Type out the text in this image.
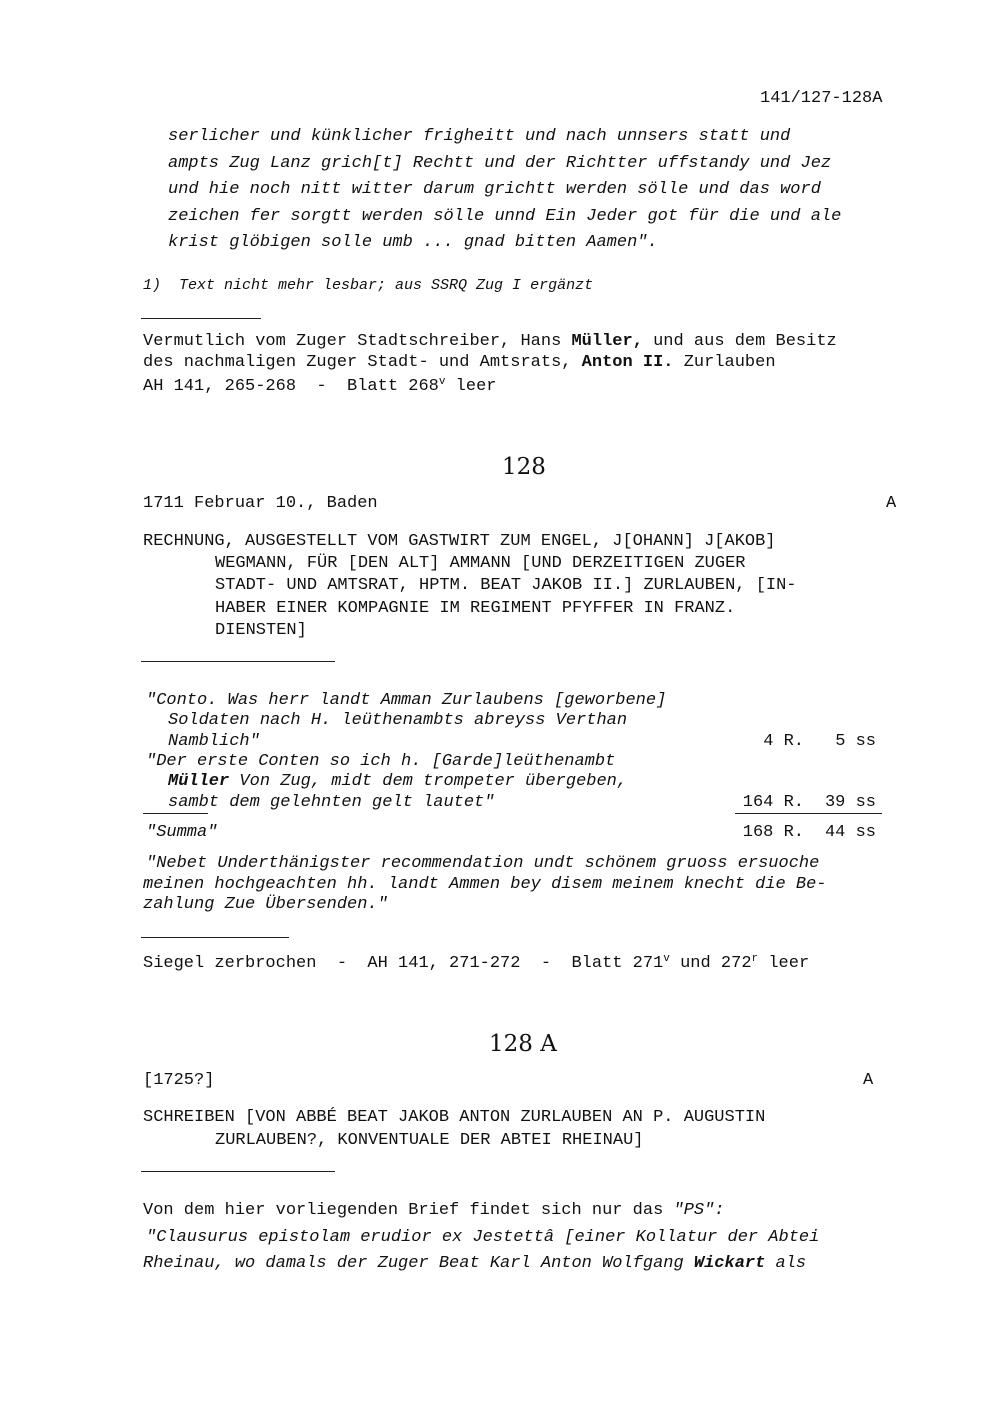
141/127-128A
serlicher und künklicher frigheitt und nach unnsers statt und
ampts Zug Lanz grich[t] Rechtt und der Richtter uffstandy und Jez
und hie noch nitt witter darum grichtt werden sölle und das word
zeichen fer sorgtt werden sölle unnd Ein Jeder got für die und ale
krist glöbigen solle umb ... gnad bitten Aamen".
1)  Text nicht mehr lesbar; aus SSRQ Zug I ergänzt
Vermutlich vom Zuger Stadtschreiber, Hans Müller, und aus dem Besitz
des nachmaligen Zuger Stadt- und Amtsrats, Anton II. Zurlauben
AH 141, 265-268  -  Blatt 268$^v$ leer
128
1711 Februar 10., Baden	A
RECHNUNG, AUSGESTELLT VOM GASTWIRT ZUM ENGEL, J[OHANN] J[AKOB]
WEGMANN, FÜR [DEN ALT] AMMANN [UND DERZEITIGEN ZUGER
STADT- UND AMTSRAT, HPTM. BEAT JAKOB II.] ZURLAUBEN, [IN-
HABER EINER KOMPAGNIE IM REGIMENT PFYFFER IN FRANZ.
DIENSTEN]
"Conto. Was herr landt Amman Zurlaubens [geworbene]
Soldaten nach H. leüthenambts abreyss Verthan
Namblich"	4 R. 5 ss
"Der erste Conten so ich h. [Garde]leüthenambt
Müller Von Zug, midt dem trompeter übergeben,
sambt dem gelehnten gelt lautet"	164 R. 39 ss
"Summa"	168 R. 44 ss
"Nebet Underthänigster recommendation undt schönem gruoss ersuoche
meinen hochgeachten hh. landt Ammen bey disem meinem knecht die Be-
zahlung Zue Übersenden."
Siegel zerbrochen  -  AH 141, 271-272  -  Blatt 271$^v$ und 272$^r$ leer
128 A
[1725?]	A
SCHREIBEN [VON ABBÉ BEAT JAKOB ANTON ZURLAUBEN AN P. AUGUSTIN
ZURLAUBEN?, KONVENTUALE DER ABTEI RHEINAU]
Von dem hier vorliegenden Brief findet sich nur das "PS":
"Clausurus epistolam erudior ex Jestettâ [einer Kollatur der Abtei
Rheinau, wo damals der Zuger Beat Karl Anton Wolfgang Wickart als
